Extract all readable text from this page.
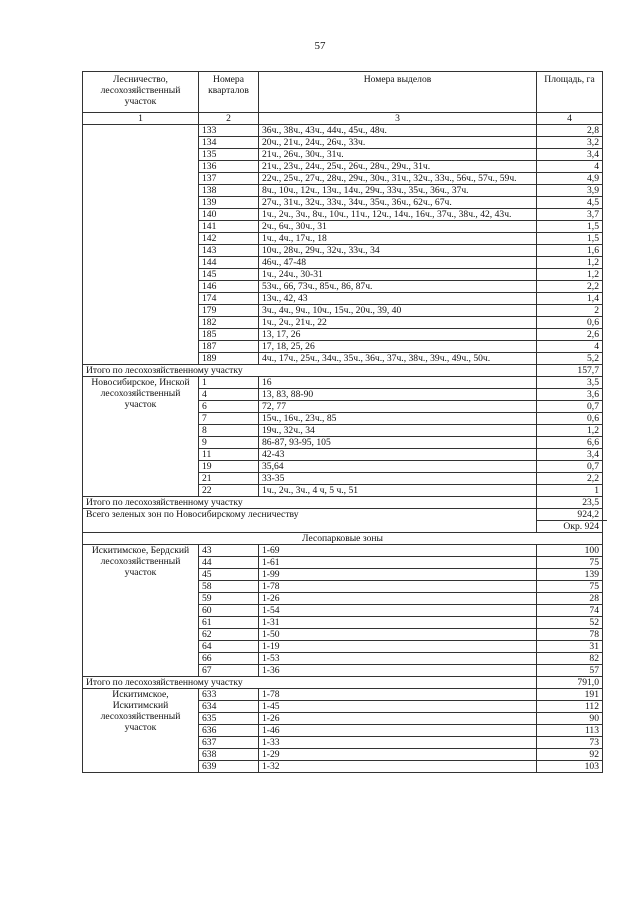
57
Лесничество, лесохозяйственный участок	Номера кварталов	Номера выделов	Площадь, га
1	2	3	4
	133	36ч., 38ч., 43ч., 44ч., 45ч., 48ч.	2,8
	134	20ч., 21ч., 24ч., 26ч., 33ч.	3,2
	135	21ч., 26ч., 30ч., 31ч.	3,4
	136	21ч., 23ч., 24ч., 25ч., 26ч., 28ч., 29ч., 31ч.	4
	137	22ч., 25ч., 27ч., 28ч., 29ч., 30ч., 31ч., 32ч., 33ч., 56ч., 57ч., 59ч.	4,9
	138	8ч., 10ч., 12ч., 13ч., 14ч., 29ч., 33ч., 35ч., 36ч., 37ч.	3,9
	139	27ч., 31ч., 32ч., 33ч., 34ч., 35ч., 36ч., 62ч., 67ч.	4,5
	140	1ч., 2ч., 3ч., 8ч., 10ч., 11ч., 12ч., 14ч., 16ч., 37ч., 38ч., 42, 43ч.	3,7
	141	2ч., 6ч., 30ч., 31	1,5
	142	1ч., 4ч., 17ч., 18	1,5
	143	10ч., 28ч., 29ч., 32ч., 33ч., 34	1,6
	144	46ч., 47-48	1,2
	145	1ч., 24ч., 30-31	1,2
	146	53ч., 66, 73ч., 85ч., 86, 87ч.	2,2
	174	13ч., 42, 43	1,4
	179	3ч., 4ч., 9ч., 10ч., 15ч., 20ч., 39, 40	2
	182	1ч., 2ч., 21ч., 22	0,6
	185	13, 17, 26	2,6
	187	17, 18, 25, 26	4
	189	4ч., 17ч., 25ч., 34ч., 35ч., 36ч., 37ч., 38ч., 39ч., 49ч., 50ч.	5,2
Итого по лесохозяйственному участку			157,7
Новосибирское, Инской лесохозяйственный участок	1	16	3,5
	4	13, 83, 88-90	3,6
	6	72, 77	0,7
	7	15ч., 16ч., 23ч., 85	0,6
	8	19ч., 32ч., 34	1,2
	9	86-87, 93-95, 105	6,6
	11	42-43	3,4
	19	35,64	0,7
	21	33-35	2,2
	22	1ч., 2ч., 3ч., 4 ч, 5 ч., 51	1
Итого по лесохозяйственному участку			23,5
Всего зеленых зон по Новосибирскому лесничеству			924,2
Окр. 924

Лесопарковые зоны			
Искитимское, Бердский лесохозяйственный участок	43	1-69	100
	44	1-61	75
	45	1-99	139
	58	1-78	75
	59	1-26	28
	60	1-54	74
	61	1-31	52
	62	1-50	78
	64	1-19	31
	66	1-53	82
	67	1-36	57
Итого по лесохозяйственному участку			791,0
Искитимское, Искитимский лесохозяйственный участок	633	1-78	191
	634	1-45	112
	635	1-26	90
	636	1-46	113
	637	1-33	73
	638	1-29	92
	639	1-32	103
